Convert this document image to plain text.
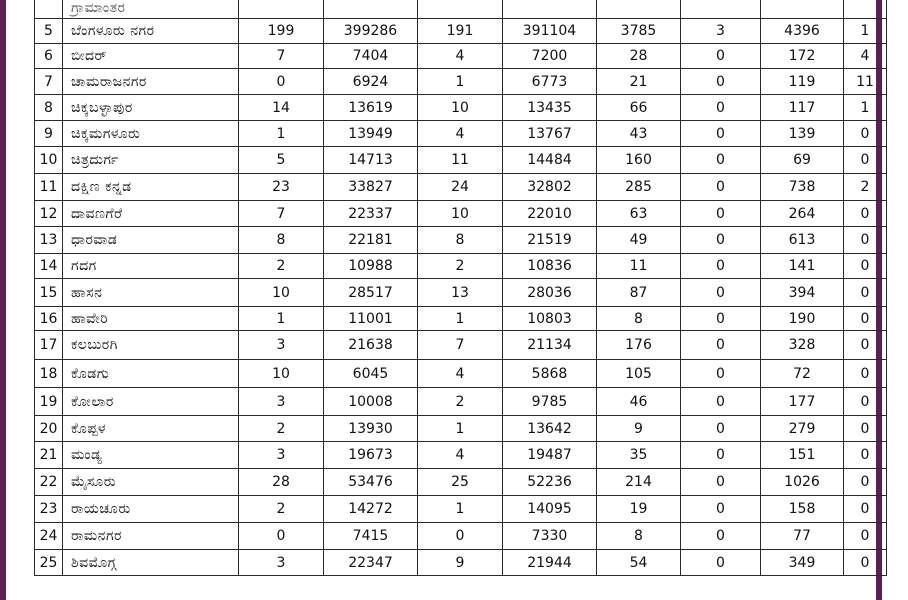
	ಗ್ರಾಮಾಂತರ								
5	ಬೆಂಗಳೂರು ನಗರ	199	399286	191	391104	3785	3	4396	1
6	ಬೀದರ್	7	7404	4	7200	28	0	172	4
7	ಚಾಮರಾಜನಗರ	0	6924	1	6773	21	0	119	11
8	ಚಿಕ್ಕಬಳ್ಳಾಪುರ	14	13619	10	13435	66	0	117	1
9	ಚಿಕ್ಕಮಗಳೂರು	1	13949	4	13767	43	0	139	0
10	ಚಿತ್ರದುರ್ಗ	5	14713	11	14484	160	0	69	0
11	ದಕ್ಷಿಣ ಕನ್ನಡ	23	33827	24	32802	285	0	738	2
12	ದಾವಣಗೆರೆ	7	22337	10	22010	63	0	264	0
13	ಧಾರವಾಡ	8	22181	8	21519	49	0	613	0
14	ಗದಗ	2	10988	2	10836	11	0	141	0
15	ಹಾಸನ	10	28517	13	28036	87	0	394	0
16	ಹಾವೇರಿ	1	11001	1	10803	8	0	190	0
17	ಕಲಬುರಗಿ	3	21638	7	21134	176	0	328	0
18	ಕೊಡಗು	10	6045	4	5868	105	0	72	0
19	ಕೋಲಾರ	3	10008	2	9785	46	0	177	0
20	ಕೊಪ್ಪಳ	2	13930	1	13642	9	0	279	0
21	ಮಂಡ್ಯ	3	19673	4	19487	35	0	151	0
22	ಮೈಸೂರು	28	53476	25	52236	214	0	1026	0
23	ರಾಯಚೂರು	2	14272	1	14095	19	0	158	0
24	ರಾಮನಗರ	0	7415	0	7330	8	0	77	0
25	ಶಿವಮೊಗ್ಗ	3	22347	9	21944	54	0	349	0
